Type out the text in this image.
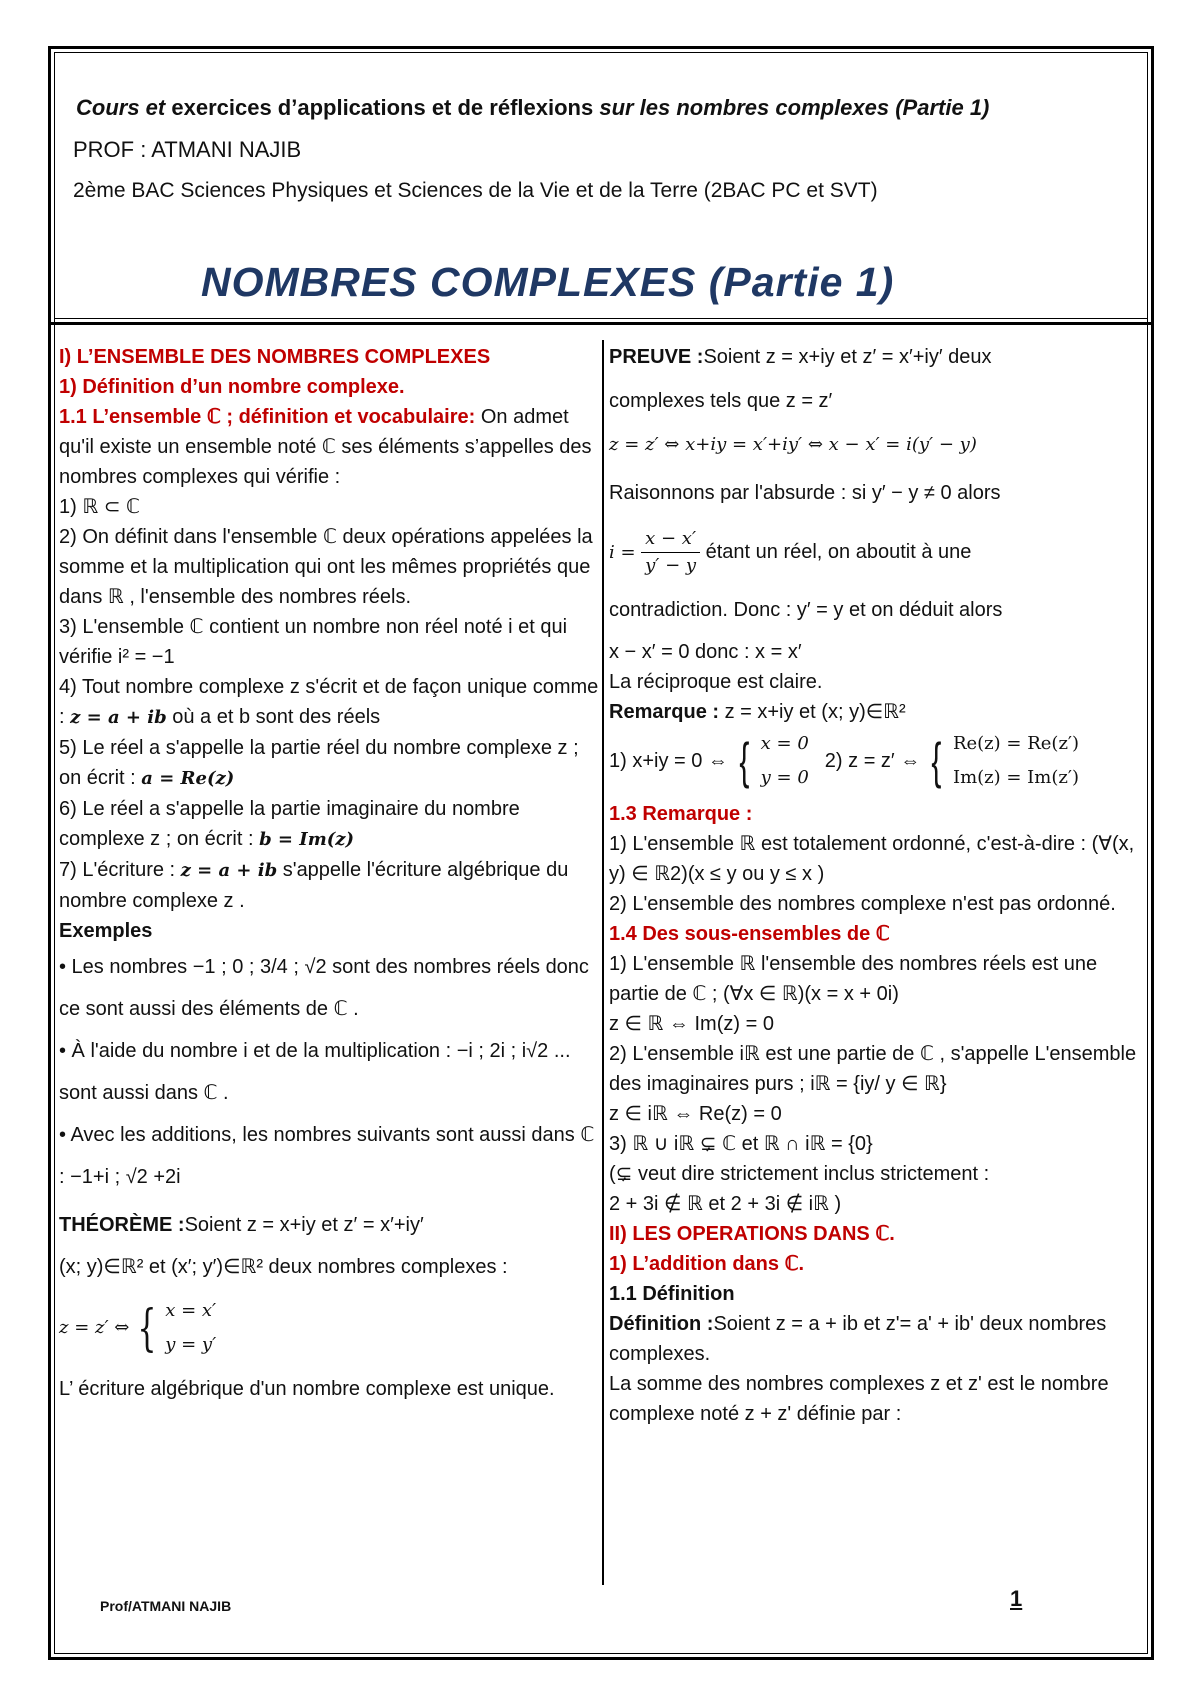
Cours et exercices d’applications et de réflexions sur les nombres complexes (Partie 1)
PROF : ATMANI NAJIB
2ème BAC Sciences Physiques et Sciences de la Vie et de la Terre (2BAC PC et SVT)
NOMBRES COMPLEXES (Partie 1)
I) L’ENSEMBLE DES NOMBRES COMPLEXES
1) Définition d’un nombre complexe.
1.1 L’ensemble ℂ ; définition et vocabulaire: On admet qu'il existe un ensemble noté ℂ ses éléments s’appelles des nombres complexes qui vérifie :
1) ℝ ⊂ ℂ
2) On définit dans l'ensemble ℂ deux opérations appelées la somme et la multiplication qui ont les mêmes propriétés que dans ℝ , l'ensemble des nombres réels.
3) L'ensemble ℂ contient un nombre non réel noté i et qui vérifie i² = −1
4) Tout nombre complexe z s'écrit et de façon unique comme : z = a + ib où a et b sont des réels
5) Le réel a s'appelle la partie réel du nombre complexe z ; on écrit : a = Re(z)
6) Le réel a s'appelle la partie imaginaire du nombre complexe z ; on écrit : b = Im(z)
7) L'écriture : z = a + ib s'appelle l'écriture algébrique du nombre complexe z .
Exemples
• Les nombres −1 ; 0 ; 3/4 ; √2 sont des nombres réels donc ce sont aussi des éléments de ℂ .
• À l'aide du nombre i et de la multiplication : −i ; 2i ; i√2 ... sont aussi dans ℂ .
• Avec les additions, les nombres suivants sont aussi dans ℂ : −1+i ; √2 +2i
THÉORÈME :Soient z = x+iy et z′ = x′+iy′
(x; y)∈ℝ² et (x′; y′)∈ℝ² deux nombres complexes :
z = z′ ⇔ { x = x′
y = y′
L’ écriture algébrique d'un nombre complexe est unique.
PREUVE :Soient z = x+iy et z′ = x′+iy′ deux
complexes tels que z = z′
z = z′ ⇔ x+iy = x′+iy′ ⇔ x − x′ = i(y′ − y)
Raisonnons par l'absurde : si y′ − y ≠ 0 alors
$i = \frac{x - x'}{y' - y}$ étant un réel, on aboutit à une
contradiction. Donc : y′ = y et on déduit alors
x − x′ = 0 donc : x = x′
La réciproque est claire.
Remarque : z = x+iy et (x; y)∈ℝ²
1) x+iy = 0 ⇔ { x = 0
y = 0
2) z = z′ ⇔ { Re(z) = Re(z′)
Im(z) = Im(z′)
1.3 Remarque :
1) L'ensemble ℝ est totalement ordonné, c'est-à-dire : (∀(x, y) ∈ ℝ2)(x ≤ y ou y ≤ x )
2) L'ensemble des nombres complexe n'est pas ordonné.
1.4 Des sous-ensembles de ℂ
1) L'ensemble ℝ l'ensemble des nombres réels est une partie de ℂ ; (∀x ∈ ℝ)(x = x + 0i)
z ∈ ℝ ⇔ Im(z) = 0
2) L'ensemble iℝ est une partie de ℂ , s'appelle L'ensemble des imaginaires purs ; iℝ = {iy/ y ∈ ℝ}
z ∈ iℝ ⇔ Re(z) = 0
3) ℝ ∪ iℝ ⊊ ℂ et ℝ ∩ iℝ = {0}
(⊊ veut dire strictement inclus strictement :
2 + 3i ∉ ℝ et 2 + 3i ∉ iℝ )
II) LES OPERATIONS DANS ℂ.
1) L’addition dans ℂ.
1.1 Définition
Définition :Soient z = a + ib et z'= a' + ib' deux nombres complexes.
La somme des nombres complexes z et z' est le nombre complexe noté z + z' définie par :
Prof/ATMANI NAJIB	1
